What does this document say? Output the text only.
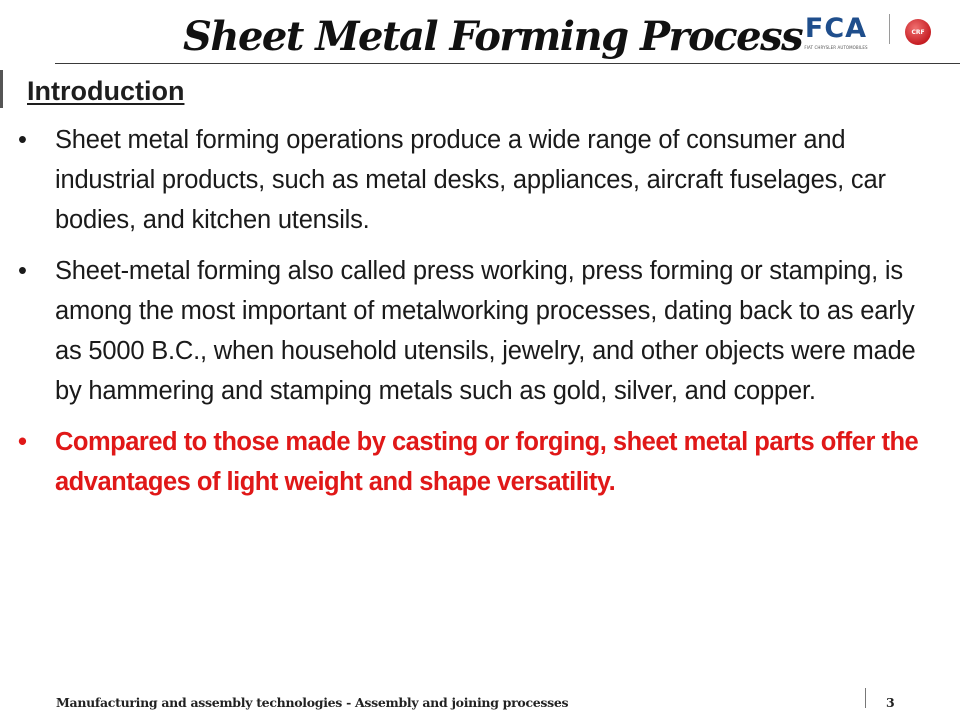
Sheet Metal Forming Process FCA
FIAT CHRYSLER AUTOMOBILES
CRF
Introduction
• Sheet metal forming operations produce a wide range of consumer and industrial products, such as metal desks, appliances, aircraft fuselages, car bodies, and kitchen utensils.
• Sheet-metal forming also called press working, press forming or stamping, is among the most important of metalworking processes, dating back to as early as 5000 B.C., when household utensils, jewelry, and other objects were made by hammering and stamping metals such as gold, silver, and copper.
• Compared to those made by casting or forging, sheet metal parts offer the advantages of light weight and shape versatility.
Manufacturing and assembly technologies - Assembly and joining processes	3
